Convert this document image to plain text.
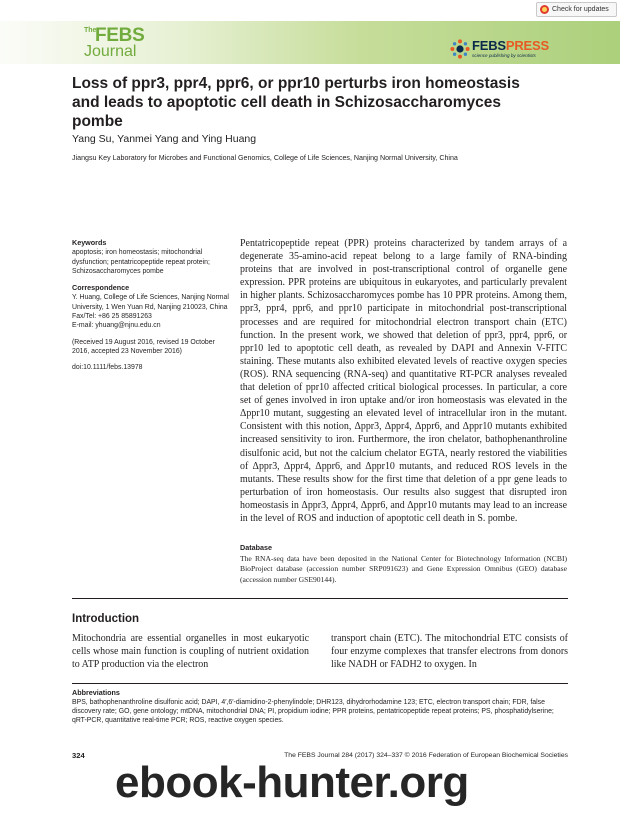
Check for updates
The
FEBS
Journal	FEBSPRESS
science publishing by scientists
Loss of ppr3, ppr4, ppr6, or ppr10 perturbs iron homeostasis and leads to apoptotic cell death in Schizosaccharomyces pombe
Yang Su, Yanmei Yang and Ying Huang
Jiangsu Key Laboratory for Microbes and Functional Genomics, College of Life Sciences, Nanjing Normal University, China
Keywords

apoptosis; iron homeostasis; mitochondrial dysfunction; pentatricopeptide repeat protein; Schizosaccharomyces pombe

Correspondence

Y. Huang, College of Life Sciences, Nanjing Normal University, 1 Wen Yuan Rd, Nanjing 210023, China

Fax/Tel: +86 25 85891263

E-mail: yhuang@njnu.edu.cn

(Received 19 August 2016, revised 19 October 2016, accepted 23 November 2016)

doi:10.1111/febs.13978

Pentatricopeptide repeat (PPR) proteins characterized by tandem arrays of a degenerate 35-amino-acid repeat belong to a large family of RNA-binding proteins that are involved in post-transcriptional control of organelle gene expression. PPR proteins are ubiquitous in eukaryotes, and particularly prevalent in higher plants. Schizosaccharomyces pombe has 10 PPR proteins. Among them, ppr3, ppr4, ppr6, and ppr10 participate in mitochondrial post-transcriptional processes and are required for mitochondrial electron transport chain (ETC) function. In the present work, we showed that deletion of ppr3, ppr4, ppr6, or ppr10 led to apoptotic cell death, as revealed by DAPI and Annexin V-FITC staining. These mutants also exhibited elevated levels of reactive oxygen species (ROS). RNA sequencing (RNA-seq) and quantitative RT-PCR analyses revealed that deletion of ppr10 affected critical biological processes. In particular, a core set of genes involved in iron uptake and/or iron homeostasis was elevated in the Δppr10 mutant, suggesting an elevated level of intracellular iron in the mutant. Consistent with this notion, Δppr3, Δppr4, Δppr6, and Δppr10 mutants exhibited increased sensitivity to iron. Furthermore, the iron chelator, bathophenanthroline disulfonic acid, but not the calcium chelator EGTA, nearly restored the viabilities of Δppr3, Δppr4, Δppr6, and Δppr10 mutants, and reduced ROS levels in the mutants. These results show for the first time that deletion of a ppr gene leads to perturbation of iron homeostasis. Our results also suggest that disrupted iron homeostasis in Δppr3, Δppr4, Δppr6, and Δppr10 mutants may lead to an increase in the level of ROS and induction of apoptotic cell death in S. pombe.

Database

The RNA-seq data have been deposited in the National Center for Biotechnology Information (NCBI) BioProject database (accession number SRP091623) and Gene Expression Omnibus (GEO) database (accession number GSE90144).

Introduction

Mitochondria are essential organelles in most eukaryotic cells whose main function is coupling of nutrient oxidation to ATP production via the electron

transport chain (ETC). The mitochondrial ETC consists of four enzyme complexes that transfer electrons from donors like NADH or FADH2 to oxygen. In

Abbreviations

BPS, bathophenanthroline disulfonic acid; DAPI, 4′,6′-diamidino-2-phenylindole; DHR123, dihydrorhodamine 123; ETC, electron transport chain; FDR, false discovery rate; GO, gene ontology; mtDNA, mitochondrial DNA; PI, propidium iodine; PPR proteins, pentatricopeptide repeat proteins; PS, phosphatidylserine; qRT-PCR, quantitative real-time PCR; ROS, reactive oxygen species.

324	The FEBS Journal 284 (2017) 324–337 © 2016 Federation of European Biochemical Societies

ebook-hunter.org
